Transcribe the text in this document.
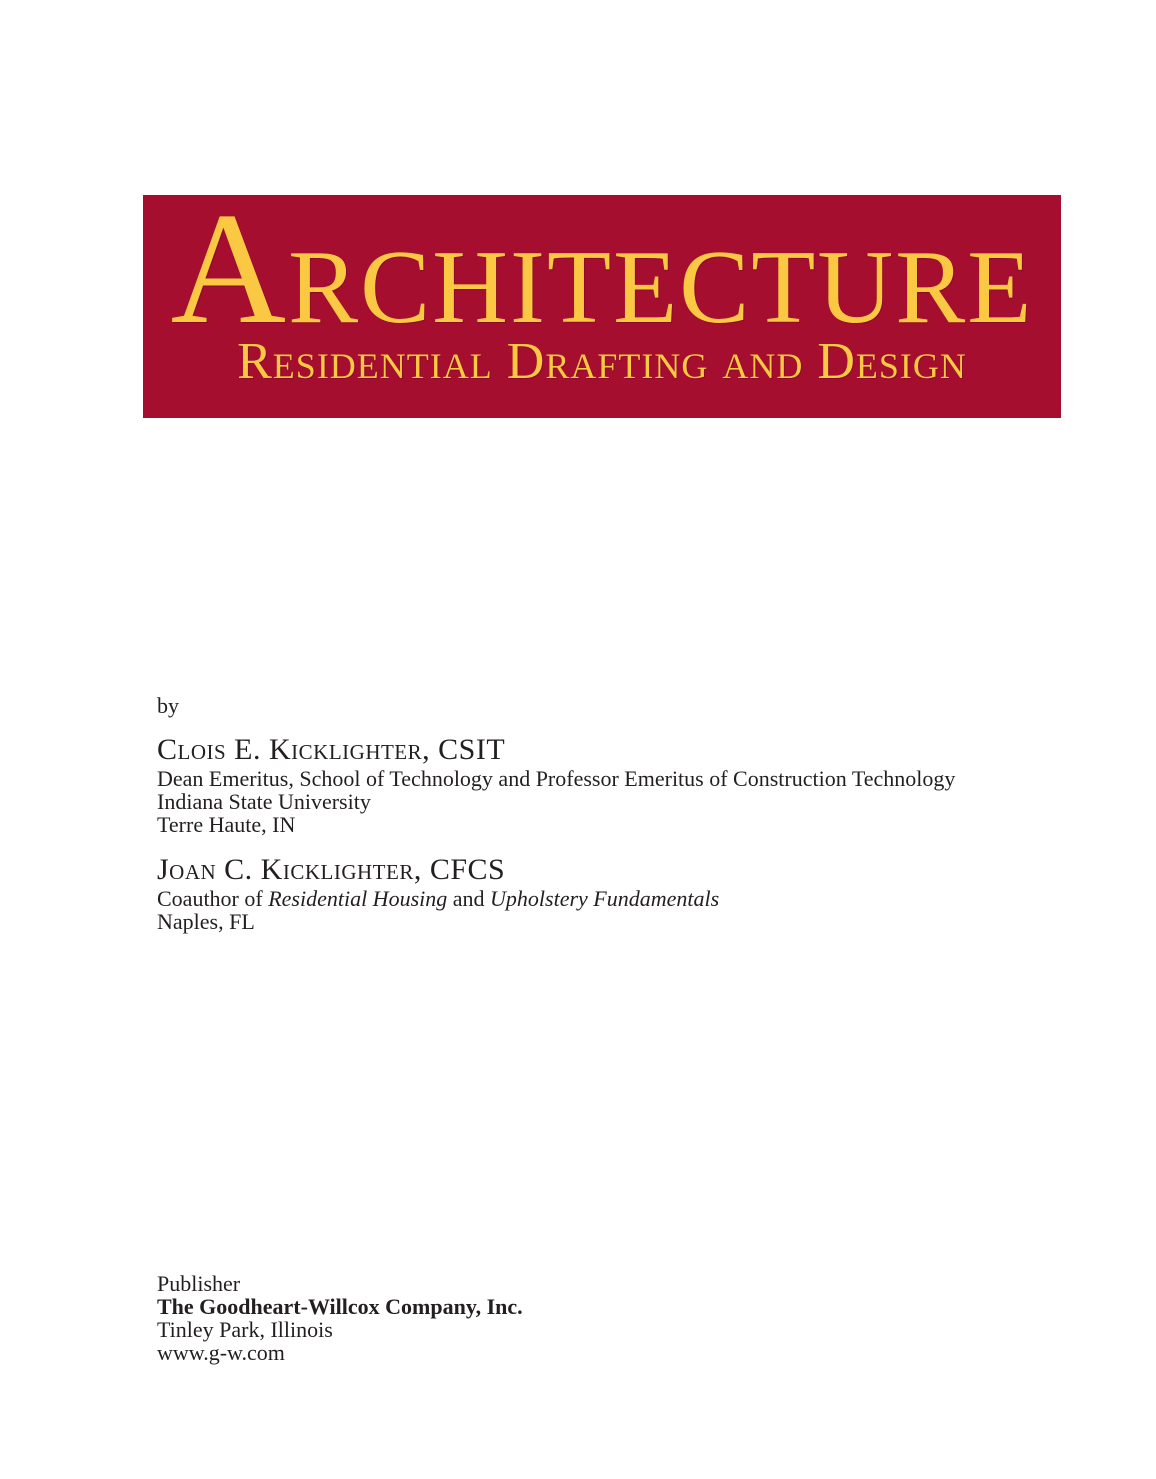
ARCHITECTURE
Residential Drafting and Design

by

Clois E. Kicklighter, CSIT

Dean Emeritus, School of Technology and Professor Emeritus of Construction Technology

Indiana State University

Terre Haute, IN

Joan C. Kicklighter, CFCS

Coauthor of Residential Housing and Upholstery Fundamentals

Naples, FL

Publisher

The Goodheart-Willcox Company, Inc.

Tinley Park, Illinois

www.g-w.com
